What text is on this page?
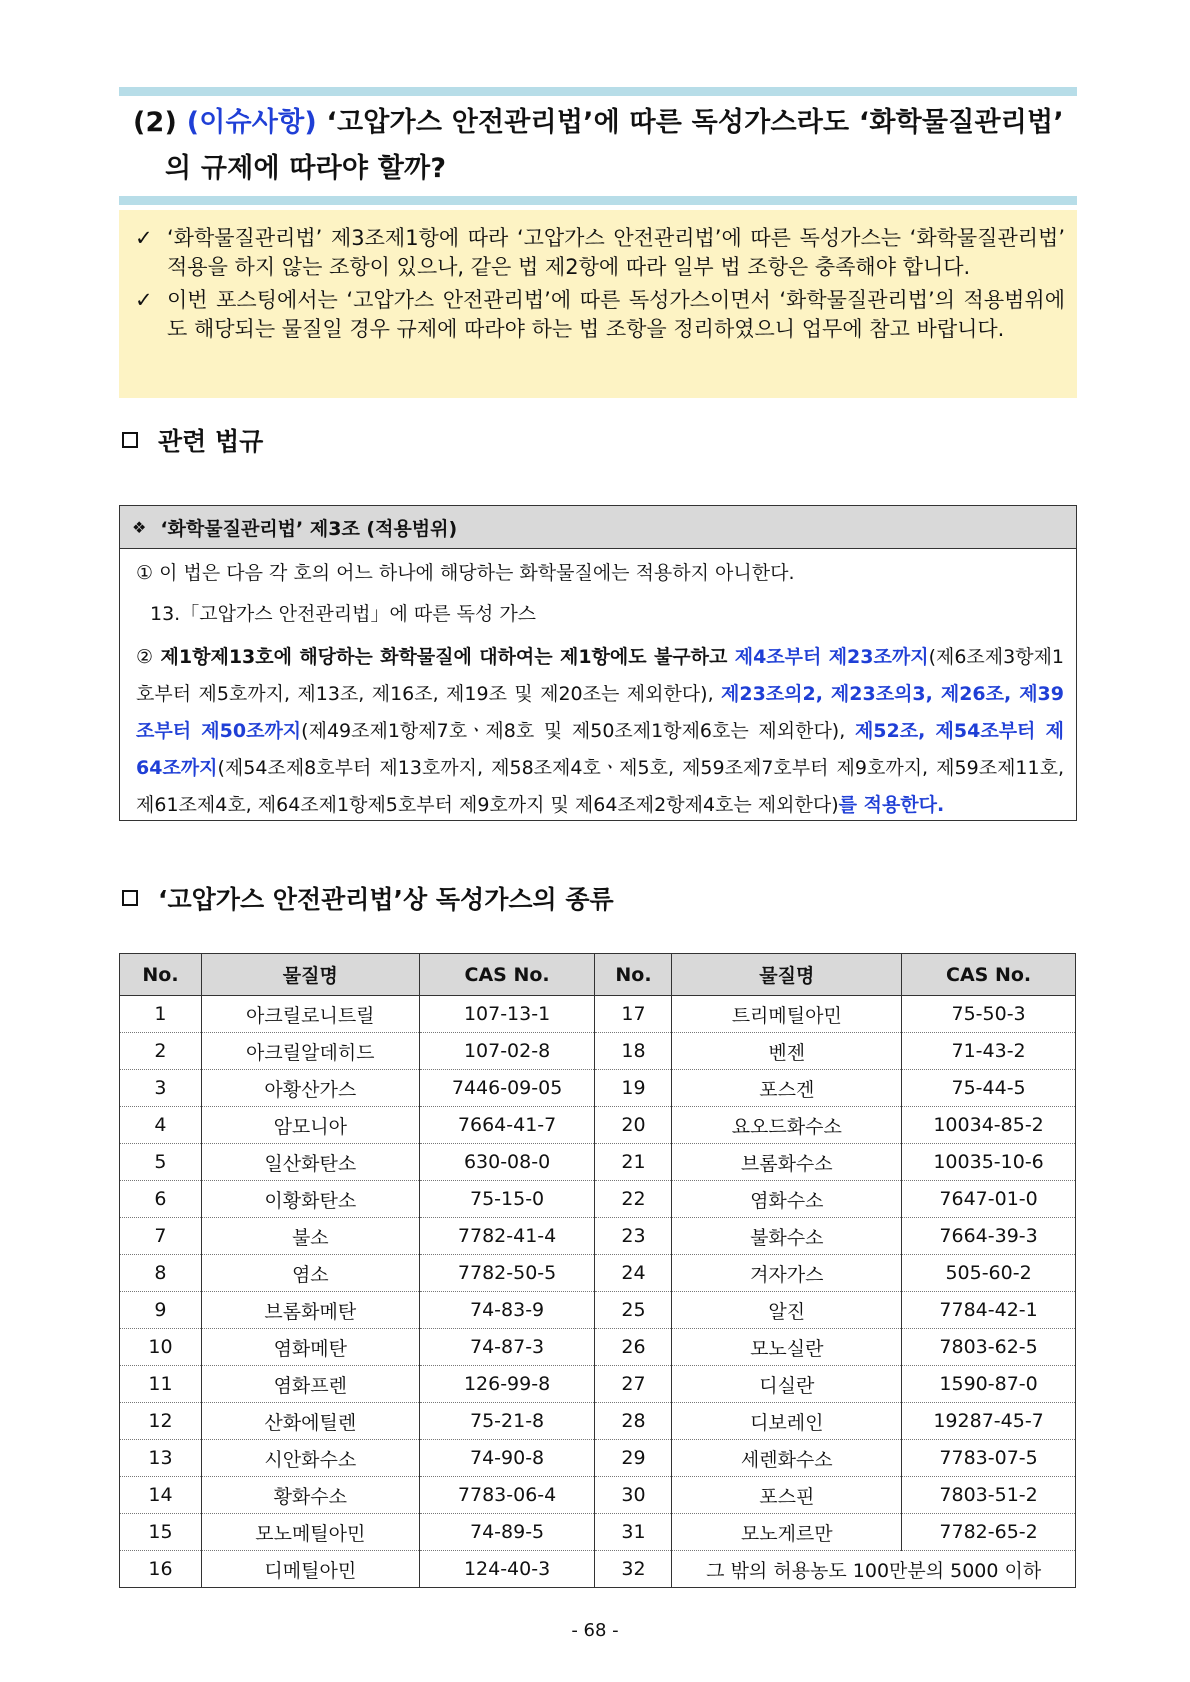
(2) (이슈사항) ‘고압가스 안전관리법’에 따른 독성가스라도 ‘화학물질관리법’
의 규제에 따라야 할까?
✓ ‘화학물질관리법’ 제3조제1항에 따라 ‘고압가스 안전관리법’에 따른 독성가스는 ‘화학물질관리법’ 적용을 하지 않는 조항이 있으나, 같은 법 제2항에 따라 일부 법 조항은 충족해야 합니다.
✓ 이번 포스팅에서는 ‘고압가스 안전관리법’에 따른 독성가스이면서 ‘화학물질관리법’의 적용범위에도 해당되는 물질일 경우 규제에 따라야 하는 법 조항을 정리하였으니 업무에 참고 바랍니다.
관련 법규
❖ ‘화학물질관리법’ 제3조 (적용범위)
① 이 법은 다음 각 호의 어느 하나에 해당하는 화학물질에는 적용하지 아니한다.
13.「고압가스 안전관리법」에 따른 독성 가스
② 제1항제13호에 해당하는 화학물질에 대하여는 제1항에도 불구하고 제4조부터 제23조까지(제6조제3항제1호부터 제5호까지, 제13조, 제16조, 제19조 및 제20조는 제외한다), 제23조의2, 제23조의3, 제26조, 제39조부터 제50조까지(제49조제1항제7호ㆍ제8호 및 제50조제1항제6호는 제외한다), 제52조, 제54조부터 제64조까지(제54조제8호부터 제13호까지, 제58조제4호ㆍ제5호, 제59조제7호부터 제9호까지, 제59조제11호, 제61조제4호, 제64조제1항제5호부터 제9호까지 및 제64조제2항제4호는 제외한다)를 적용한다.
‘고압가스 안전관리법’상 독성가스의 종류
No.	물질명	CAS No.	No.	물질명	CAS No.
1	아크릴로니트릴	107-13-1	17	트리메틸아민	75-50-3
2	아크릴알데히드	107-02-8	18	벤젠	71-43-2
3	아황산가스	7446-09-05	19	포스겐	75-44-5
4	암모니아	7664-41-7	20	요오드화수소	10034-85-2
5	일산화탄소	630-08-0	21	브롬화수소	10035-10-6
6	이황화탄소	75-15-0	22	염화수소	7647-01-0
7	불소	7782-41-4	23	불화수소	7664-39-3
8	염소	7782-50-5	24	겨자가스	505-60-2
9	브롬화메탄	74-83-9	25	알진	7784-42-1
10	염화메탄	74-87-3	26	모노실란	7803-62-5
11	염화프렌	126-99-8	27	디실란	1590-87-0
12	산화에틸렌	75-21-8	28	디보레인	19287-45-7
13	시안화수소	74-90-8	29	세렌화수소	7783-07-5
14	황화수소	7783-06-4	30	포스핀	7803-51-2
15	모노메틸아민	74-89-5	31	모노게르만	7782-65-2
16	디메틸아민	124-40-3	32	그 밖의 허용농도 100만분의 5000 이하	
- 68 -
